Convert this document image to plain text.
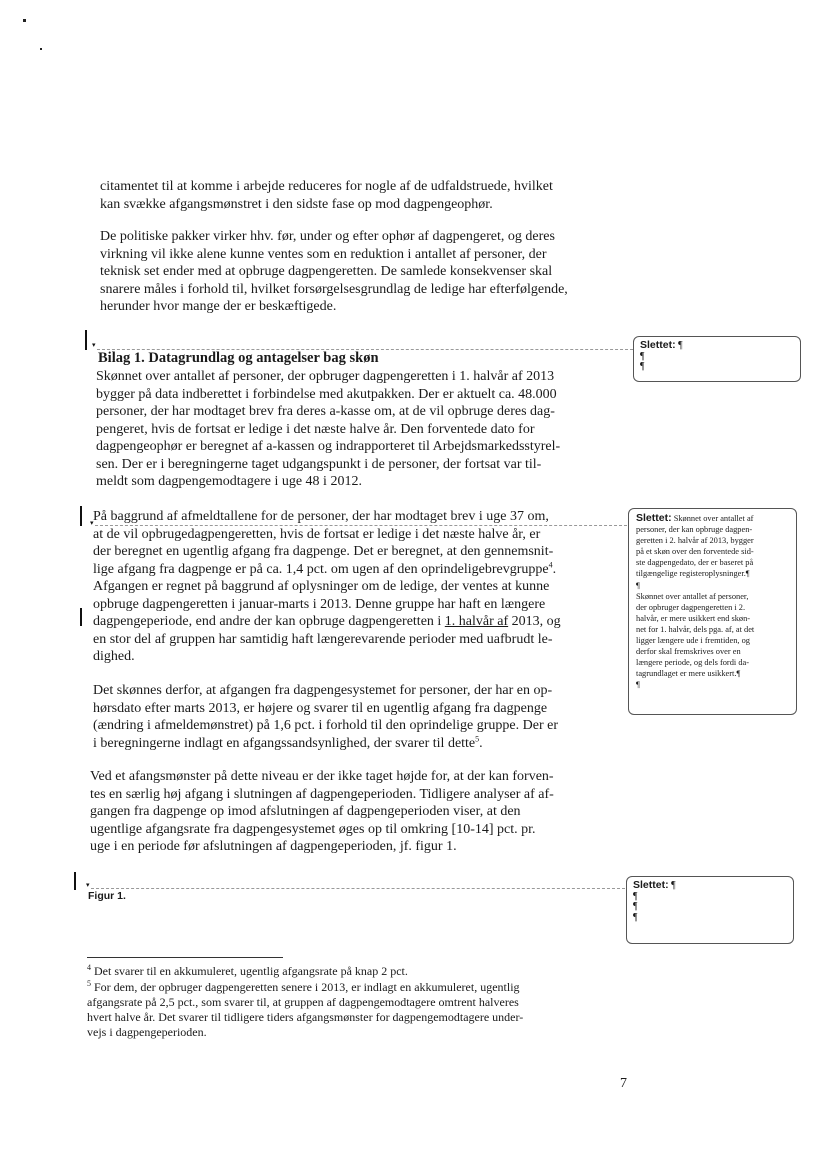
citamentet til at komme i arbejde reduceres for nogle af de udfaldstruede, hvilket
kan svække afgangsmønstret i den sidste fase op mod dagpengeophør.
De politiske pakker virker hhv. før, under og efter ophør af dagpengeret, og deres
virkning vil ikke alene kunne ventes som en reduktion i antallet af personer, der
teknisk set ender med at opbruge dagpengeretten. De samlede konsekvenser skal
snarere måles i forhold til, hvilket forsørgelsesgrundlag de ledige har efterfølgende,
herunder hvor mange der er beskæftigede.
▾
Bilag 1. Datagrundlag og antagelser bag skøn
Skønnet over antallet af personer, der opbruger dagpengeretten i 1. halvår af 2013
bygger på data indberettet i forbindelse med akutpakken. Der er aktuelt ca. 48.000
personer, der har modtaget brev fra deres a-kasse om, at de vil opbruge deres dag-
pengeret, hvis de fortsat er ledige i det næste halve år. Den forventede dato for
dagpengeophør er beregnet af a-kassen og indrapporteret til Arbejdsmarkedsstyrel-
sen. Der er i beregningerne taget udgangspunkt i de personer, der fortsat var til-
meldt som dagpengemodtagere i uge 48 i 2012.
▾ På baggrund af afmeldtallene for de personer, der har modtaget brev i uge 37 om,
at de vil opbrugedagpengeretten, hvis de fortsat er ledige i det næste halve år, er
der beregnet en ugentlig afgang fra dagpenge. Det er beregnet, at den gennemsnit-
lige afgang fra dagpenge er på ca. 1,4 pct. om ugen af den oprindeligebrevgruppe$^4$.
Afgangen er regnet på baggrund af oplysninger om de ledige, der ventes at kunne
opbruge dagpengeretten i januar-marts i 2013. Denne gruppe har haft en længere
dagpengeperiode, end andre der kan opbruge dagpengeretten i 1. halvår af 2013, og
en stor del af gruppen har samtidig haft længerevarende perioder med uafbrudt le-
dighed.
Det skønnes derfor, at afgangen fra dagpengesystemet for personer, der har en op-
hørsdato efter marts 2013, er højere og svarer til en ugentlig afgang fra dagpenge
(ændring i afmeldemønstret) på 1,6 pct. i forhold til den oprindelige gruppe. Der er
i beregningerne indlagt en afgangssandsynlighed, der svarer til dette$^5$.
Ved et afangsmønster på dette niveau er der ikke taget højde for, at der kan forven-
tes en særlig høj afgang i slutningen af dagpengeperioden. Tidligere analyser af af-
gangen fra dagpenge op imod afslutningen af dagpengeperioden viser, at den
ugentlige afgangsrate fra dagpengesystemet øges op til omkring [10-14] pct. pr.
uge i en periode før afslutningen af dagpengeperioden, jf. figur 1.
▾
Figur 1.
Slettet: ¶
¶
¶
Slettet: Skønnet over antallet af
personer, der kan opbruge dagpen-
geretten i 2. halvår af 2013, bygger
på et skøn over den forventede sid-
ste dagpengedato, der er baseret på
tilgængelige registeroplysninger.¶
¶
Skønnet over antallet af personer,
der opbruger dagpengeretten i 2.
halvår, er mere usikkert end skøn-
net for 1. halvår, dels pga. af, at det
ligger længere ude i fremtiden, og
derfor skal fremskrives over en
længere periode, og dels fordi da-
tagrundlaget er mere usikkert.¶
¶
Slettet: ¶
¶
¶
¶
$^4$ Det svarer til en akkumuleret, ugentlig afgangsrate på knap 2 pct.
$^5$ For dem, der opbruger dagpengeretten senere i 2013, er indlagt en akkumuleret, ugentlig
afgangsrate på 2,5 pct., som svarer til, at gruppen af dagpengemodtagere omtrent halveres
hvert halve år. Det svarer til tidligere tiders afgangsmønster for dagpengemodtagere under-
vejs i dagpengeperioden.
7
